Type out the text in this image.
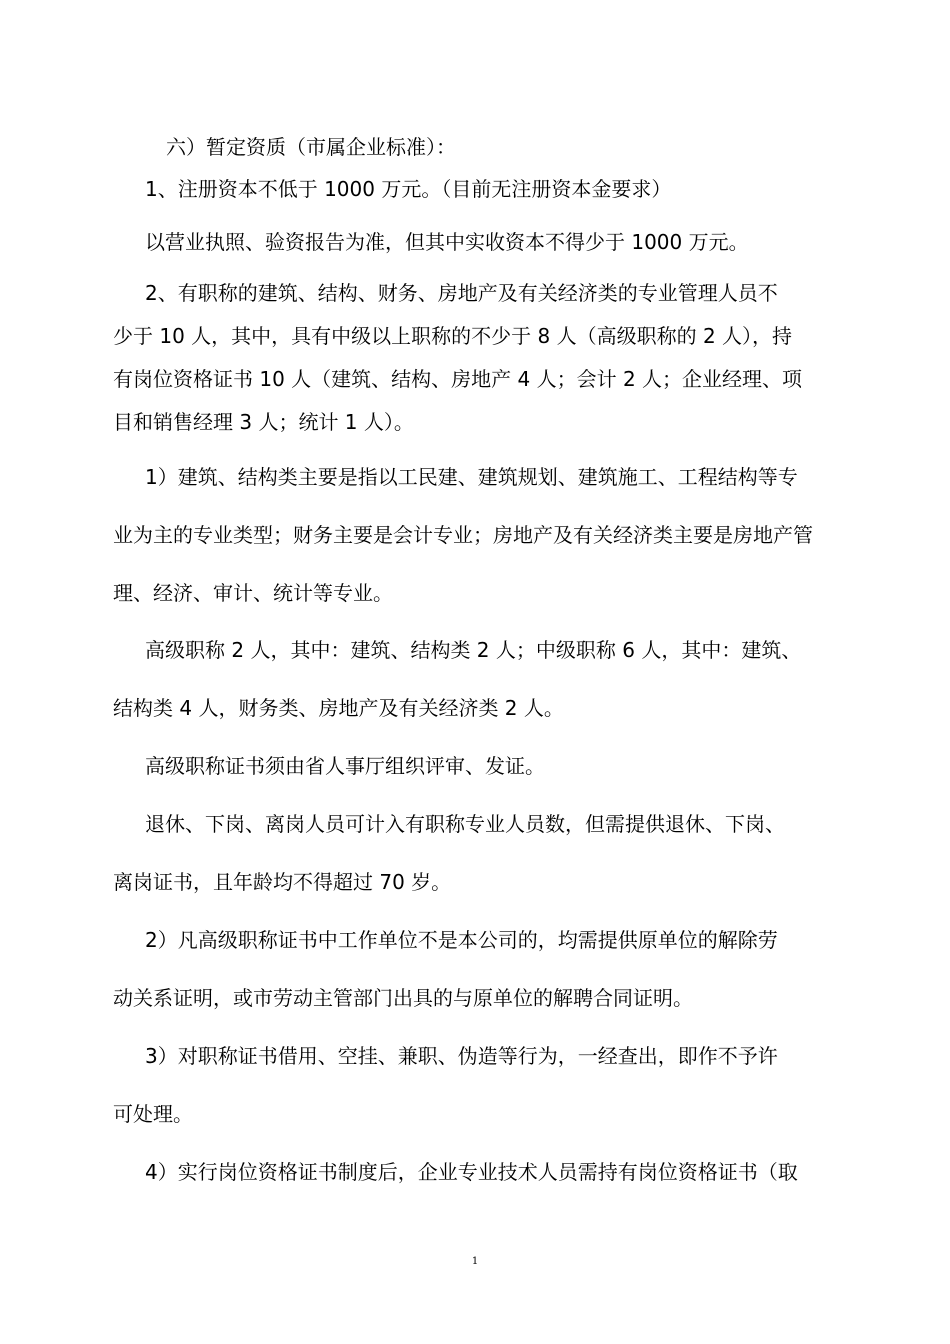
六）暂定资质（市属企业标准）：
1、注册资本不低于 1000 万元。（目前无注册资本金要求）
以营业执照、验资报告为准，但其中实收资本不得少于 1000 万元。
2、有职称的建筑、结构、财务、房地产及有关经济类的专业管理人员不
少于 10 人，其中，具有中级以上职称的不少于 8 人（高级职称的 2 人），持
有岗位资格证书 10 人（建筑、结构、房地产 4 人；会计 2 人；企业经理、项
目和销售经理 3 人；统计 1 人）。
1）建筑、结构类主要是指以工民建、建筑规划、建筑施工、工程结构等专
业为主的专业类型；财务主要是会计专业；房地产及有关经济类主要是房地产管
理、经济、审计、统计等专业。
高级职称 2 人，其中：建筑、结构类 2 人；中级职称 6 人，其中：建筑、
结构类 4 人，财务类、房地产及有关经济类 2 人。
高级职称证书须由省人事厅组织评审、发证。
退休、下岗、离岗人员可计入有职称专业人员数，但需提供退休、下岗、
离岗证书，且年龄均不得超过 70 岁。
2）凡高级职称证书中工作单位不是本公司的，均需提供原单位的解除劳
动关系证明，或市劳动主管部门出具的与原单位的解聘合同证明。
3）对职称证书借用、空挂、兼职、伪造等行为，一经查出，即作不予许
可处理。
4）实行岗位资格证书制度后，企业专业技术人员需持有岗位资格证书（取
1
